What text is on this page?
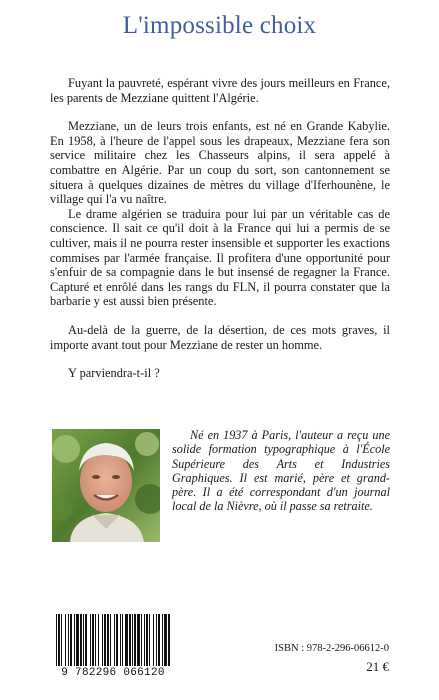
L'impossible choix

Fuyant la pauvreté, espérant vivre des jours meilleurs en France, les parents de Mezziane quittent l'Algérie.

Mezziane, un de leurs trois enfants, est né en Grande Kabylie. En 1958, à l'heure de l'appel sous les drapeaux, Mezziane fera son service militaire chez les Chasseurs alpins, il sera appelé à combattre en Algérie. Par un coup du sort, son cantonnement se situera à quelques dizaines de mètres du village d'Iferhounène, le village qui l'a vu naître.

Le drame algérien se traduira pour lui par un véritable cas de conscience. Il sait ce qu'il doit à la France qui lui a permis de se cultiver, mais il ne pourra rester insensible et supporter les exactions commises par l'armée française. Il profitera d'une opportunité pour s'enfuir de sa compagnie dans le but insensé de regagner la France. Capturé et enrôlé dans les rangs du FLN, il pourra constater que la barbarie y est aussi bien présente.

Au-delà de la guerre, de la désertion, de ces mots graves, il importe avant tout pour Mezziane de rester un homme.

Y parviendra-t-il ?

Né en 1937 à Paris, l'auteur a reçu une solide formation typographique à l'École Supérieure des Arts et Industries Graphiques. Il est marié, père et grand-père. Il a été correspondant d'un journal local de la Nièvre, où il passe sa retraite.

9 782296 066120
ISBN : 978-2-296-06612-0
21 €
